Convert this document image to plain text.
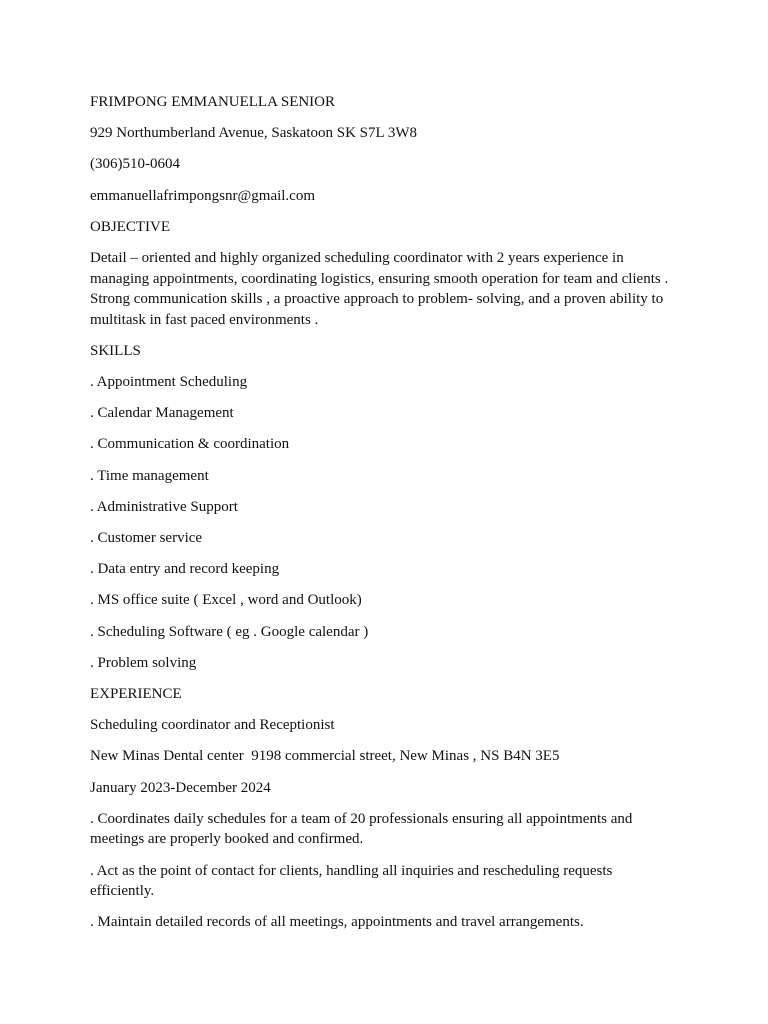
FRIMPONG EMMANUELLA SENIOR

929 Northumberland Avenue, Saskatoon SK S7L 3W8

(306)510-0604

emmanuellafrimpongsnr@gmail.com

OBJECTIVE

Detail – oriented and highly organized scheduling coordinator with 2 years experience in managing appointments, coordinating logistics, ensuring smooth operation for team and clients . Strong communication skills , a proactive approach to problem- solving, and a proven ability to multitask in fast paced environments .

SKILLS

. Appointment Scheduling

. Calendar Management

. Communication & coordination

. Time management

. Administrative Support

. Customer service

. Data entry and record keeping

. MS office suite ( Excel , word and Outlook)

. Scheduling Software ( eg . Google calendar )

. Problem solving

EXPERIENCE

Scheduling coordinator and Receptionist

New Minas Dental center  9198 commercial street, New Minas , NS B4N 3E5

January 2023-December 2024

. Coordinates daily schedules for a team of 20 professionals ensuring all appointments and meetings are properly booked and confirmed.

. Act as the point of contact for clients, handling all inquiries and rescheduling requests efficiently.

. Maintain detailed records of all meetings, appointments and travel arrangements.
